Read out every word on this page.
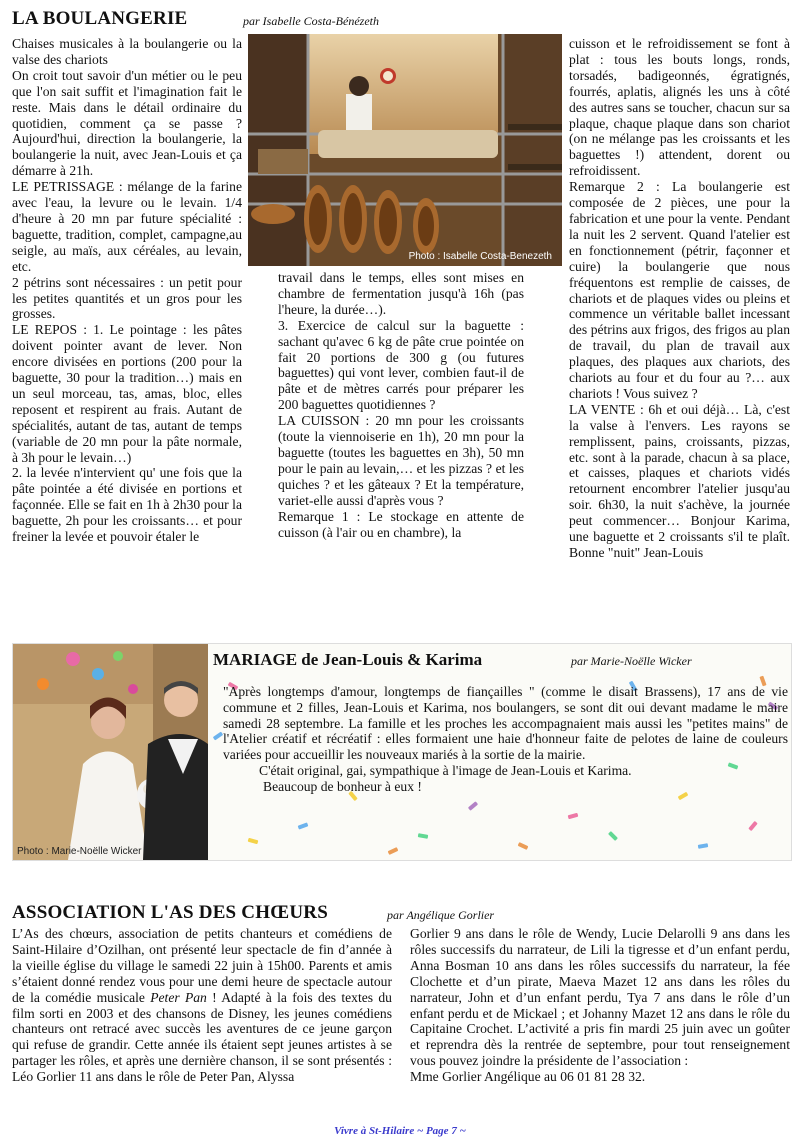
LA BOULANGERIE	par Isabelle Costa-Bénézeth
Photo : Isabelle Costa-Benezeth

Chaises musicales à la boulangerie ou la valse des chariots

On croit tout savoir d'un métier ou le peu que l'on sait suffit et l'imagination fait le reste. Mais dans le détail ordinaire du quotidien, comment ça se passe ? Aujourd'hui, direction la boulangerie, la boulangerie la nuit, avec Jean-Louis et ça démarre à 21h.

LE PETRISSAGE : mélange de la farine avec l'eau, la levure ou le levain. 1/4 d'heure à 20 mn par future spécialité : baguette, tradition, complet, campagne,au seigle, au maïs, aux céréales, au levain, etc.

2 pétrins sont nécessaires : un petit pour les petites quantités et un gros pour les grosses.

LE REPOS : 1. Le pointage : les pâtes doivent pointer avant de lever. Non encore divisées en portions (200 pour la baguette, 30 pour la tradition…) mais en un seul morceau, tas, amas, bloc, elles reposent et respirent au frais. Autant de spécialités, autant de tas, autant de temps (variable de 20 mn pour la pâte normale, à 3h pour le levain…)

2. la levée n'intervient qu' une fois que la pâte pointée a été divisée en portions et façonnée. Elle se fait en 1h à 2h30 pour la baguette, 2h pour les croissants… et pour freiner la levée et pouvoir étaler le

travail dans le temps, elles sont mises en chambre de fermentation jusqu'à 16h (pas l'heure, la durée…).

3. Exercice de calcul sur la baguette : sachant qu'avec 6 kg de pâte crue pointée on fait 20 portions de 300 g (ou futures baguettes) qui vont lever, combien faut-il de pâte et de mètres carrés pour préparer les 200 baguettes quotidiennes ?

LA CUISSON : 20 mn pour les croissants (toute la viennoiserie en 1h), 20 mn pour la baguette (toutes les baguettes en 3h), 50 mn pour le pain au levain,… et les pizzas ? et les quiches ? et les gâteaux ? Et la température, variet-elle aussi d'après vous ?

Remarque 1 : Le stockage en attente de cuisson (à l'air ou en chambre), la

cuisson et le refroidissement se font à plat : tous les bouts longs, ronds, torsadés, badigeonnés, égratignés, fourrés, aplatis, alignés les uns à côté des autres sans se toucher, chacun sur sa plaque, chaque plaque dans son chariot (on ne mélange pas les croissants et les baguettes !) attendent, dorent ou refroidissent.

Remarque 2 : La boulangerie est composée de 2 pièces, une pour la fabrication et une pour la vente. Pendant la nuit les 2 servent. Quand l'atelier est en fonctionnement (pétrir, façonner et cuire) la boulangerie que nous fréquentons est remplie de caisses, de chariots et de plaques vides ou pleins et commence un véritable ballet incessant des pétrins aux frigos, des frigos au plan de travail, du plan de travail aux plaques, des plaques aux chariots, des chariots au four et du four au ?… aux chariots ! Vous suivez ?

LA VENTE : 6h et oui déjà… Là, c'est la valse à l'envers. Les rayons se remplissent, pains, croissants, pizzas, etc. sont à la parade, chacun à sa place, et caisses, plaques et chariots vidés retournent encombrer l'atelier jusqu'au soir. 6h30, la nuit s'achève, la journée peut commencer… Bonjour Karima, une baguette et 2 croissants s'il te plaît. Bonne "nuit" Jean-Louis

Photo : Marie-Noëlle Wicker
MARIAGE de Jean-Louis & Karima	par Marie-Noëlle Wicker

"Après longtemps d'amour, longtemps de fiançailles " (comme le disait Brassens), 17 ans de vie commune et 2 filles, Jean-Louis et Karima, nos boulangers, se sont dit oui devant madame le maire samedi 28 septembre. La famille et les proches les accompagnaient mais aussi les "petites mains" de l'Atelier créatif et récréatif : elles formaient une haie d'honneur faite de pelotes de laine de couleurs variées pour accueillir les nouveaux mariés à la sortie de la mairie.

C'était original, gai, sympathique à l'image de Jean-Louis et Karima.

Beaucoup de bonheur à eux !

ASSOCIATION L'AS DES CHŒURS	par Angélique Gorlier

L’As des chœurs, association de petits chanteurs et comédiens de Saint-Hilaire d’Ozilhan, ont présenté leur spectacle de fin d’année à la vieille église du village le samedi 22 juin à 15h00. Parents et amis s’étaient donné rendez vous pour une demi heure de spectacle autour de la comédie musicale Peter Pan ! Adapté à la fois des textes du film sorti en 2003 et des chansons de Disney, les jeunes comédiens chanteurs ont retracé avec succès les aventures de ce jeune garçon qui refuse de grandir. Cette année ils étaient sept jeunes artistes à se partager les rôles, et après une dernière chanson, il se sont présentés : Léo Gorlier 11 ans dans le rôle de Peter Pan, Alyssa

Gorlier 9 ans dans le rôle de Wendy, Lucie Delarolli 9 ans dans les rôles successifs du narrateur, de Lili la tigresse et d’un enfant perdu, Anna Bosman 10 ans dans les rôles successifs du narrateur, la fée Clochette et d’un pirate, Maeva Mazet 12 ans dans les rôles du narrateur, John et d’un enfant perdu, Tya 7 ans dans le rôle d’un enfant perdu et de Mickael ; et Johanny Mazet 12 ans dans le rôle du Capitaine Crochet. L’activité a pris fin mardi 25 juin avec un goûter et reprendra dès la rentrée de septembre, pour tout renseignement vous pouvez joindre la présidente de l’association :

Mme Gorlier Angélique au 06 01 81 28 32.

Vivre à St-Hilaire ~ Page 7 ~
